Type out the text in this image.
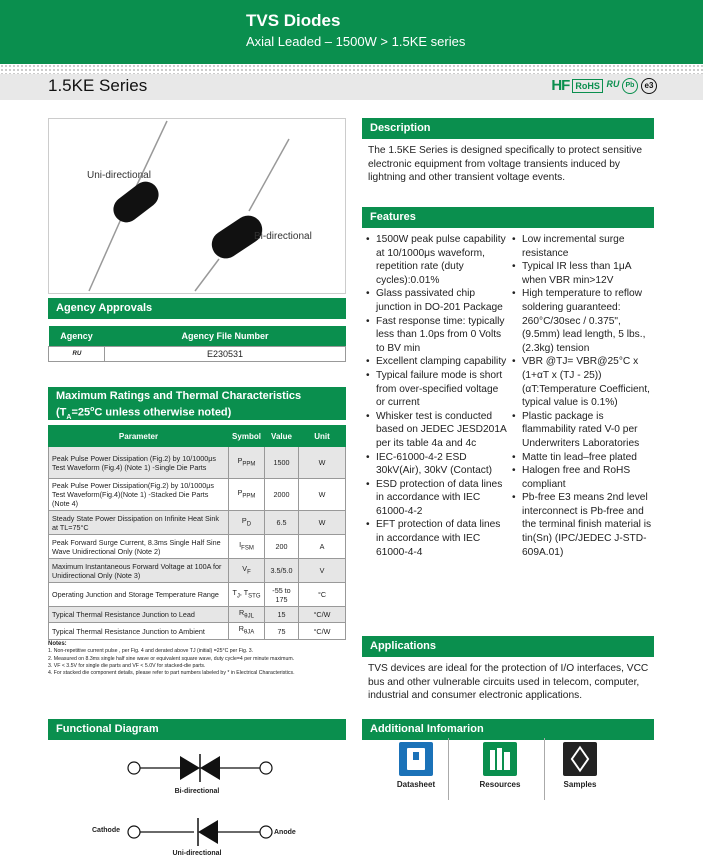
TVS Diodes
Axial Leaded – 1500W > 1.5KE series
1.5KE Series	HF RoHS ᴿᵁ Pb	e3
Uni-directional
Bi-directional
Agency Approvals
Agency	Agency File Number
ᴿᵁ	E230531
Maximum Ratings and Thermal Characteristics
($T_A=25^oC$ unless otherwise noted)
Parameter	Symbol	Value	Unit
Peak Pulse Power Dissipation (Fig.2) by 10/1000μs Test Waveform (Fig.4) (Note 1) -Single Die Parts	$P_{PPM}$	1500	W
Peak Pulse Power Dissipation(Fig.2) by 10/1000μs Test Waveform(Fig.4)(Note 1) -Stacked Die Parts (Note 4)	$P_{PPM}$	2000	W
Steady State Power Dissipation on Infinite Heat Sink at TL=75°C	$P_D$	6.5	W
Peak Forward Surge Current, 8.3ms Single Half Sine Wave Unidirectional Only (Note 2)	$I_{FSM}$	200	A
Maximum Instantaneous Forward Voltage at 100A for Unidirectional Only (Note 3)	$V_F$	3.5/5.0	V
Operating Junction and Storage Temperature Range	$T_J$, $T_{STG}$	-55 to 175	°C
Typical Thermal Resistance Junction to Lead	$R_{\theta JL}$	15	°C/W
Typical Thermal Resistance Junction to Ambient	$R_{\theta JA}$	75	°C/W
Notes:
1. Non-repetitive current pulse , per Fig. 4 and derated above TJ (initial) =25°C per Fig. 3.
2. Measured on 8.3ms single half sine wave or equivalent square wave, duty cycle=4 per minute maximum.
3. VF < 3.5V for single die parts and VF < 5.0V for stacked-die parts.
4. For stacked die component details, please refer to part numbers labeled by * in Electrical Characteristics.
Description
The 1.5KE Series is designed specifically to protect sensitive electronic equipment from voltage transients induced by lightning and other transient voltage events.
Features
• 1500W peak pulse capability at 10/1000μs waveform, repetition rate (duty cycles):0.01%
• Glass passivated chip junction in DO-201 Package
• Fast response time: typically less than 1.0ps from 0 Volts to BV min
• Excellent clamping capability
• Typical failure mode is short from over-specified voltage or current
• Whisker test is conducted based on JEDEC JESD201A per its table 4a and 4c
• IEC-61000-4-2 ESD 30kV(Air), 30kV (Contact)
• ESD protection of data lines in accordance with IEC 61000-4-2
• EFT protection of data lines in accordance with IEC 61000-4-4
• Low incremental surge resistance
• Typical IR less than 1μA when VBR min>12V
• High temperature to reflow soldering guaranteed: 260°C/30sec / 0.375",(9.5mm) lead length, 5 lbs., (2.3kg) tension
• VBR @TJ= VBR@25°C x (1+αT x (TJ - 25)) (αT:Temperature Coefficient, typical value is 0.1%)
• Plastic package is flammability rated V-0 per Underwriters Laboratories
• Matte tin lead–free plated
• Halogen free and RoHS compliant
• Pb-free E3 means 2nd level interconnect is Pb-free and the terminal finish material is tin(Sn) (IPC/JEDEC J-STD-609A.01)
Applications
TVS devices are ideal for the protection of I/O interfaces, VCC bus and other vulnerable circuits used in telecom, computer, industrial and consumer electronic applications.
Functional Diagram
Bi-directional
Cathode	Anode
Uni-directional
Additional Infomarion
Datasheet	Resources	Samples
